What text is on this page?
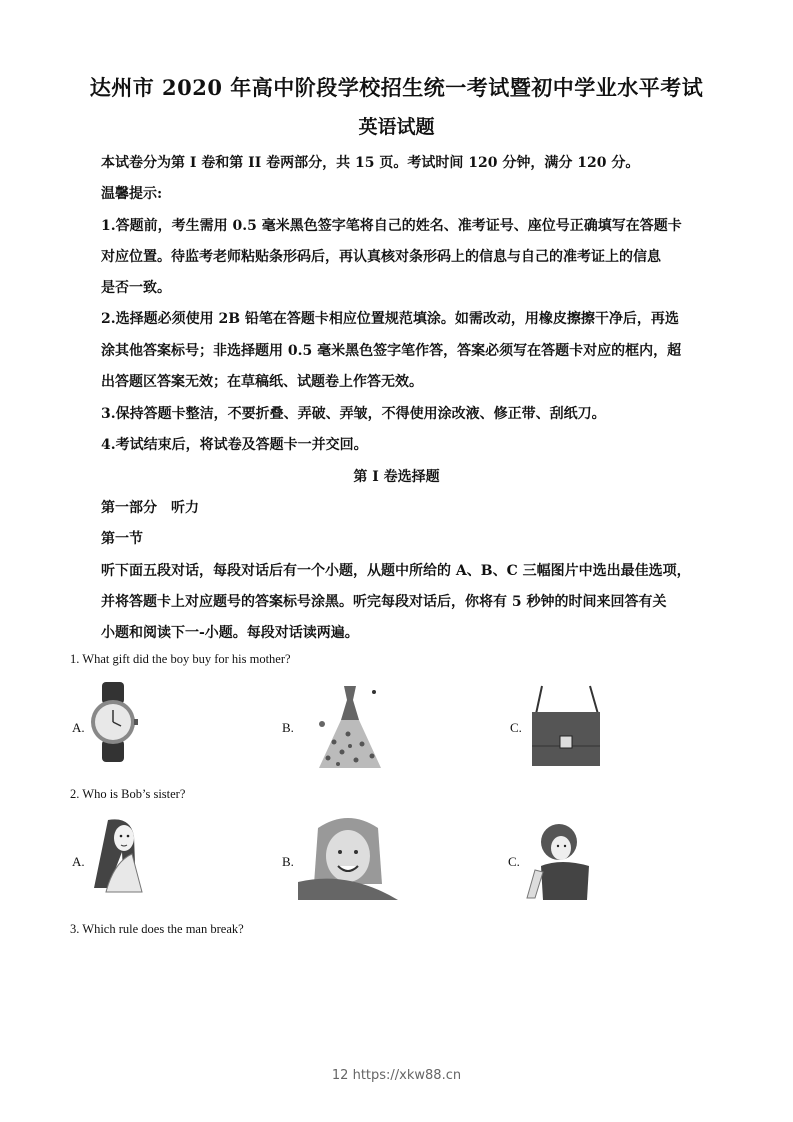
达州市 2020 年高中阶段学校招生统一考试暨初中学业水平考试
英语试题
本试卷分为第 I 卷和第 II 卷两部分，共 15 页。考试时间 120 分钟，满分 120 分。
温馨提示:
1.答题前，考生需用 0.5 毫米黑色签字笔将自己的姓名、准考证号、座位号正确填写在答题卡
对应位置。待监考老师粘贴条形码后，再认真核对条形码上的信息与自己的准考证上的信息
是否一致。
2.选择题必须使用 2B 铅笔在答题卡相应位置规范填涂。如需改动，用橡皮擦擦干净后，再选
涂其他答案标号；非选择题用 0.5 毫米黑色签字笔作答，答案必须写在答题卡对应的框内，超
出答题区答案无效；在草稿纸、试题卷上作答无效。
3.保持答题卡整洁，不要折叠、弄破、弄皱，不得使用涂改液、修正带、刮纸刀。
4.考试结束后，将试卷及答题卡一并交回。
第 I 卷选择题
第一部分　听力
第一节
听下面五段对话，每段对话后有一个小题，从题中所给的 A、B、C 三幅图片中选出最佳选项，
并将答题卡上对应题号的答案标号涂黑。听完每段对话后，你将有 5 秒钟的时间来回答有关
小题和阅读下一-小题。每段对话读两遍。
1. What gift did the boy buy for his mother?
A.	B.	C.
2. Who is Bob’s sister?
A.	B.	C.
3. Which rule does the man break?
12 https://xkw88.cn
